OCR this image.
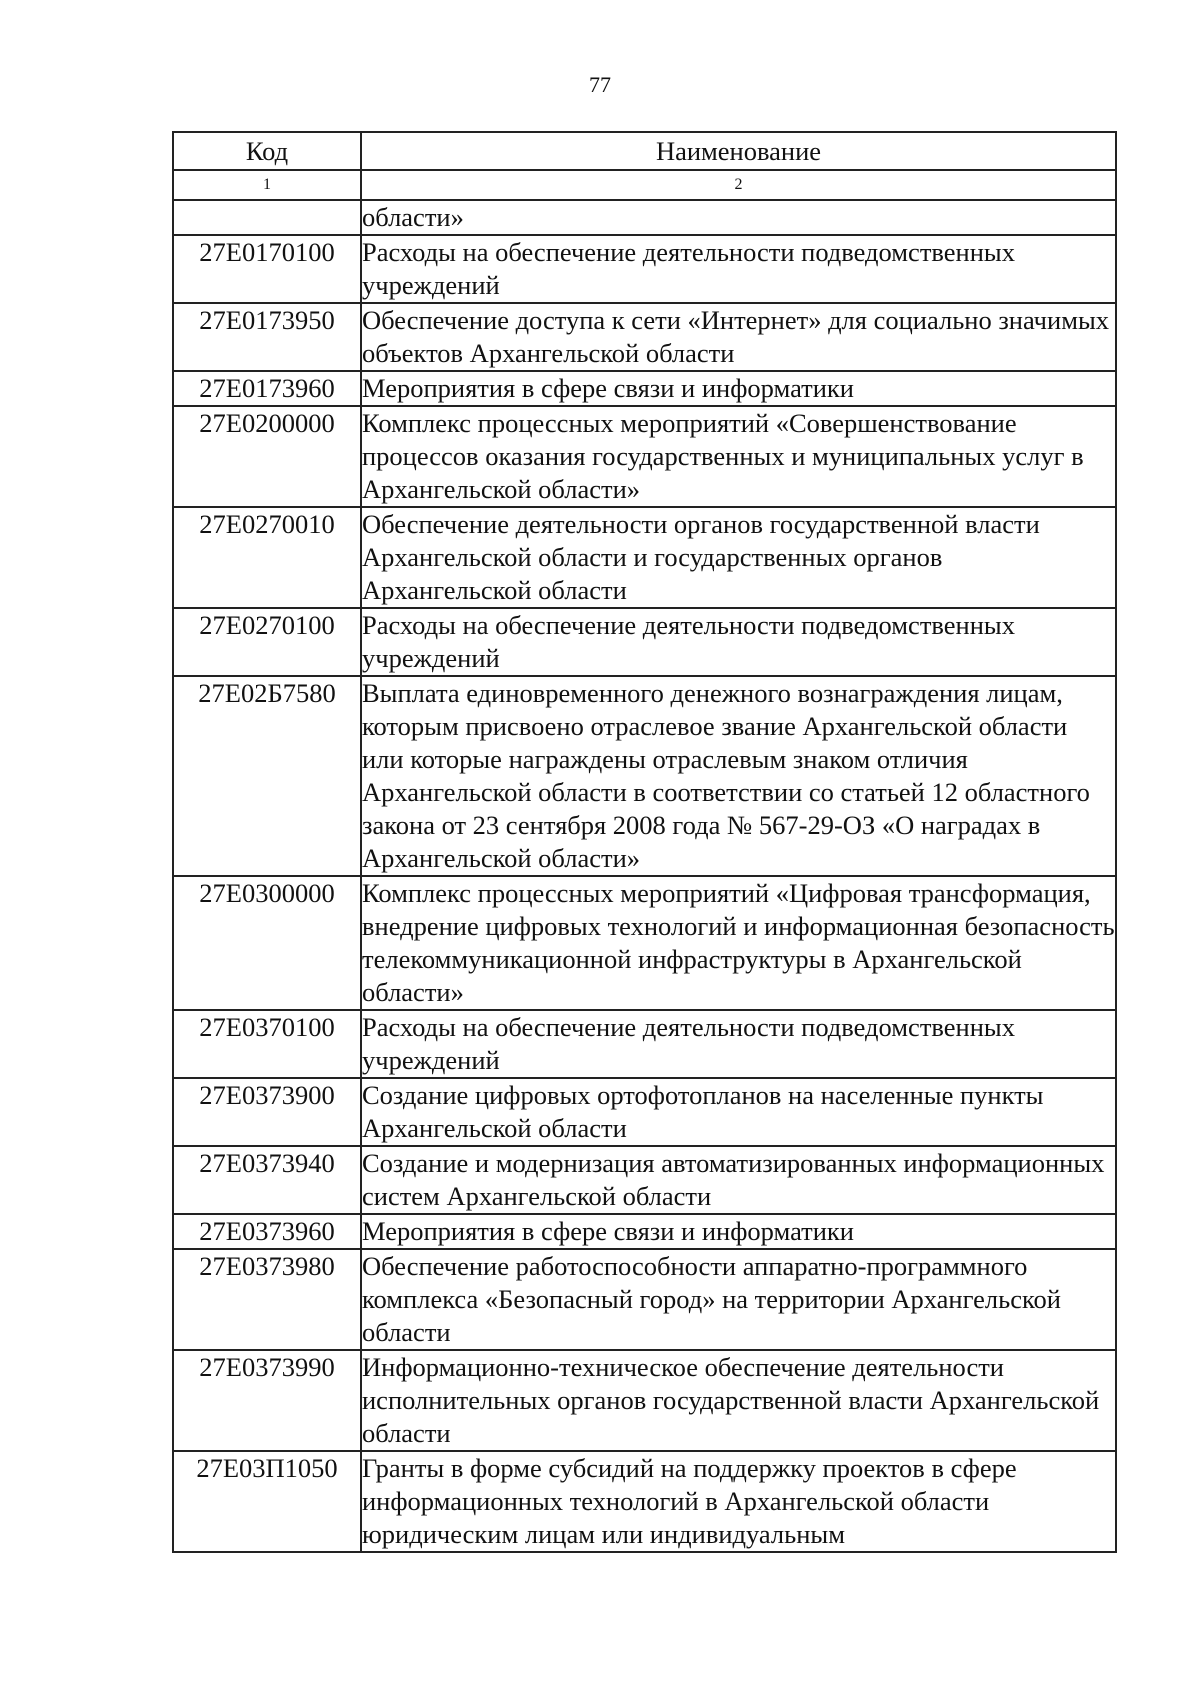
77
Код	Наименование
1	2
	области»
27Е0170100	Расходы на обеспечение деятельности подведомственных учреждений
27Е0173950	Обеспечение доступа к сети «Интернет» для социально значимых объектов Архангельской области
27Е0173960	Мероприятия в сфере связи и информатики
27Е0200000	Комплекс процессных мероприятий «Совершенствование процессов оказания государственных и муниципальных услуг в Архангельской области»
27Е0270010	Обеспечение деятельности органов государственной власти Архангельской области и государственных органов Архангельской области
27Е0270100	Расходы на обеспечение деятельности подведомственных учреждений
27Е02Б7580	Выплата единовременного денежного вознаграждения лицам, которым присвоено отраслевое звание Архангельской области или которые награждены отраслевым знаком отличия Архангельской области в соответствии со статьей 12 областного закона от 23 сентября 2008 года № 567-29-ОЗ «О наградах в Архангельской области»
27Е0300000	Комплекс процессных мероприятий «Цифровая трансформация, внедрение цифровых технологий и информационная безопасность телекоммуникационной инфраструктуры в Архангельской области»
27Е0370100	Расходы на обеспечение деятельности подведомственных учреждений
27Е0373900	Создание цифровых ортофотопланов на населенные пункты Архангельской области
27Е0373940	Создание и модернизация автоматизированных информационных систем Архангельской области
27Е0373960	Мероприятия в сфере связи и информатики
27Е0373980	Обеспечение работоспособности аппаратно-программного комплекса «Безопасный город» на территории Архангельской области
27Е0373990	Информационно-техническое обеспечение деятельности исполнительных органов государственной власти Архангельской области
27Е03П1050	Гранты в форме субсидий на поддержку проектов в сфере информационных технологий в Архангельской области юридическим лицам или индивидуальным
